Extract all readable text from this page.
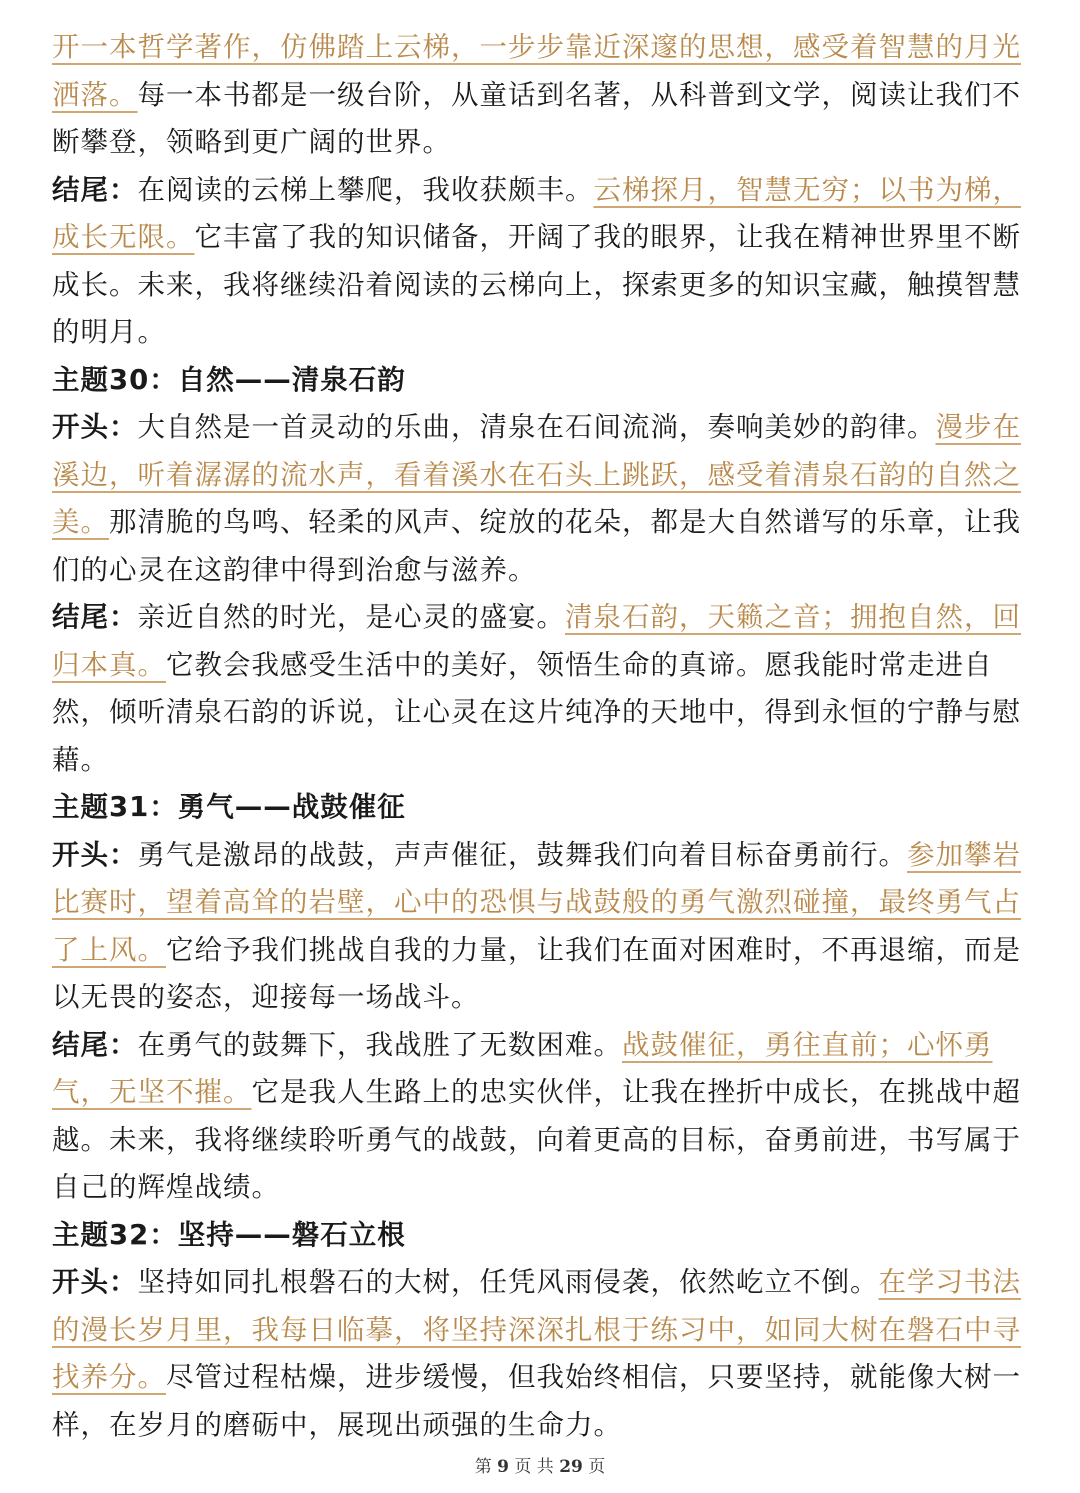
开一本哲学著作，仿佛踏上云梯，一步步靠近深邃的思想，感受着智慧的月光洒落。每一本书都是一级台阶，从童话到名著，从科普到文学，阅读让我们不断攀登，领略到更广阔的世界。

结尾：在阅读的云梯上攀爬，我收获颇丰。云梯探月，智慧无穷；以书为梯，成长无限。它丰富了我的知识储备，开阔了我的眼界，让我在精神世界里不断成长。未来，我将继续沿着阅读的云梯向上，探索更多的知识宝藏，触摸智慧的明月。

主题30：自然——清泉石韵

开头：大自然是一首灵动的乐曲，清泉在石间流淌，奏响美妙的韵律。漫步在溪边，听着潺潺的流水声，看着溪水在石头上跳跃，感受着清泉石韵的自然之美。那清脆的鸟鸣、轻柔的风声、绽放的花朵，都是大自然谱写的乐章，让我们的心灵在这韵律中得到治愈与滋养。

结尾：亲近自然的时光，是心灵的盛宴。清泉石韵，天籁之音；拥抱自然，回归本真。它教会我感受生活中的美好，领悟生命的真谛。愿我能时常走进自然，倾听清泉石韵的诉说，让心灵在这片纯净的天地中，得到永恒的宁静与慰藉。

主题31：勇气——战鼓催征

开头：勇气是激昂的战鼓，声声催征，鼓舞我们向着目标奋勇前行。参加攀岩比赛时，望着高耸的岩壁，心中的恐惧与战鼓般的勇气激烈碰撞，最终勇气占了上风。它给予我们挑战自我的力量，让我们在面对困难时，不再退缩，而是以无畏的姿态，迎接每一场战斗。

结尾：在勇气的鼓舞下，我战胜了无数困难。战鼓催征，勇往直前；心怀勇气，无坚不摧。它是我人生路上的忠实伙伴，让我在挫折中成长，在挑战中超越。未来，我将继续聆听勇气的战鼓，向着更高的目标，奋勇前进，书写属于自己的辉煌战绩。

主题32：坚持——磐石立根

开头：坚持如同扎根磐石的大树，任凭风雨侵袭，依然屹立不倒。在学习书法的漫长岁月里，我每日临摹，将坚持深深扎根于练习中，如同大树在磐石中寻找养分。尽管过程枯燥，进步缓慢，但我始终相信，只要坚持，就能像大树一样，在岁月的磨砺中，展现出顽强的生命力。

第 9 页 共 29 页
